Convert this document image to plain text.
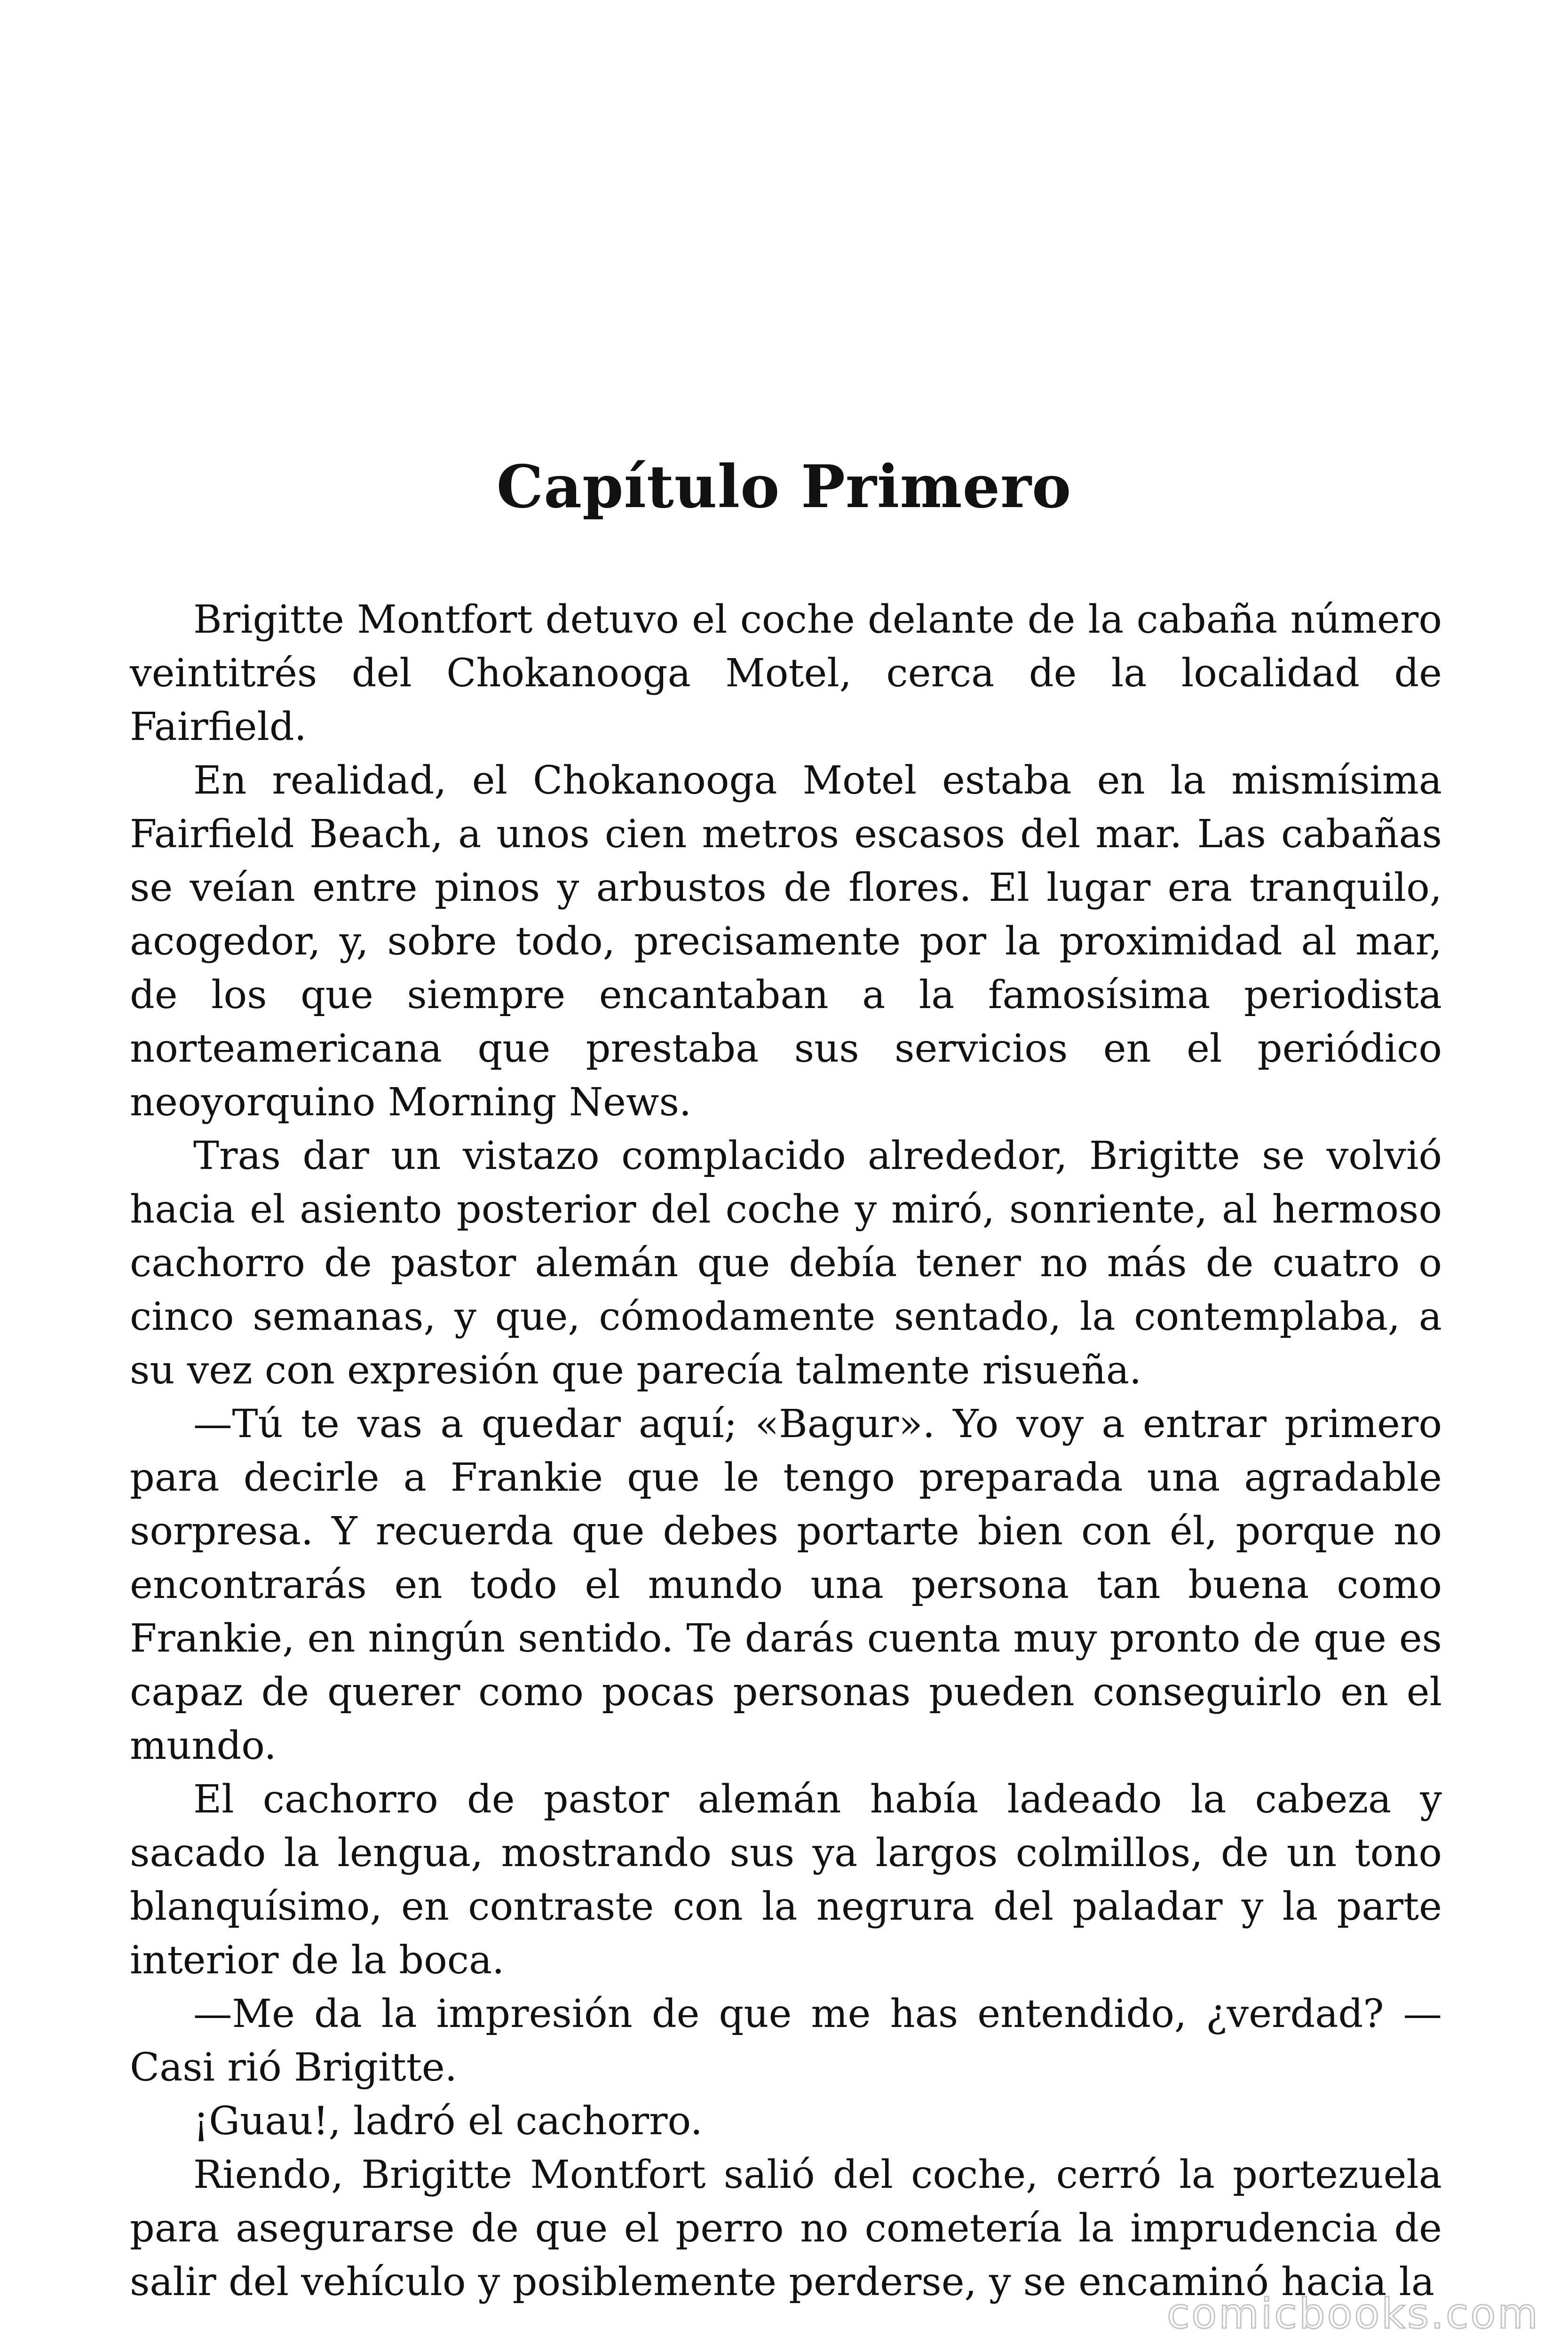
Capítulo Primero

Brigitte Montfort detuvo el coche delante de la cabaña número veintitrés del Chokanooga Motel, cerca de la localidad de Fairfield.

En realidad, el Chokanooga Motel estaba en la mismísima Fairfield Beach, a unos cien metros escasos del mar. Las cabañas se veían entre pinos y arbustos de flores. El lugar era tranquilo, acogedor, y, sobre todo, precisamente por la proximidad al mar, de los que siempre encantaban a la famosísima periodista norteamericana que prestaba sus servicios en el periódico neoyorquino Morning News.

Tras dar un vistazo complacido alrededor, Brigitte se volvió hacia el asiento posterior del coche y miró, sonriente, al hermoso cachorro de pastor alemán que debía tener no más de cuatro o cinco semanas, y que, cómodamente sentado, la contemplaba, a su vez con expresión que parecía talmente risueña.

—Tú te vas a quedar aquí; «Bagur». Yo voy a entrar primero para decirle a Frankie que le tengo preparada una agradable sorpresa. Y recuerda que debes portarte bien con él, porque no encontrarás en todo el mundo una persona tan buena como Frankie, en ningún sentido. Te darás cuenta muy pronto de que es capaz de querer como pocas personas pueden conseguirlo en el mundo.

El cachorro de pastor alemán había ladeado la cabeza y sacado la lengua, mostrando sus ya largos colmillos, de un tono blanquísimo, en contraste con la negrura del paladar y la parte interior de la boca.

—Me da la impresión de que me has entendido, ¿verdad? —Casi rió Brigitte.

¡Guau!, ladró el cachorro.

Riendo, Brigitte Montfort salió del coche, cerró la portezuela para asegurarse de que el perro no cometería la imprudencia de salir del vehículo y posiblemente perderse, y se encaminó hacia la

comicbooks.com
